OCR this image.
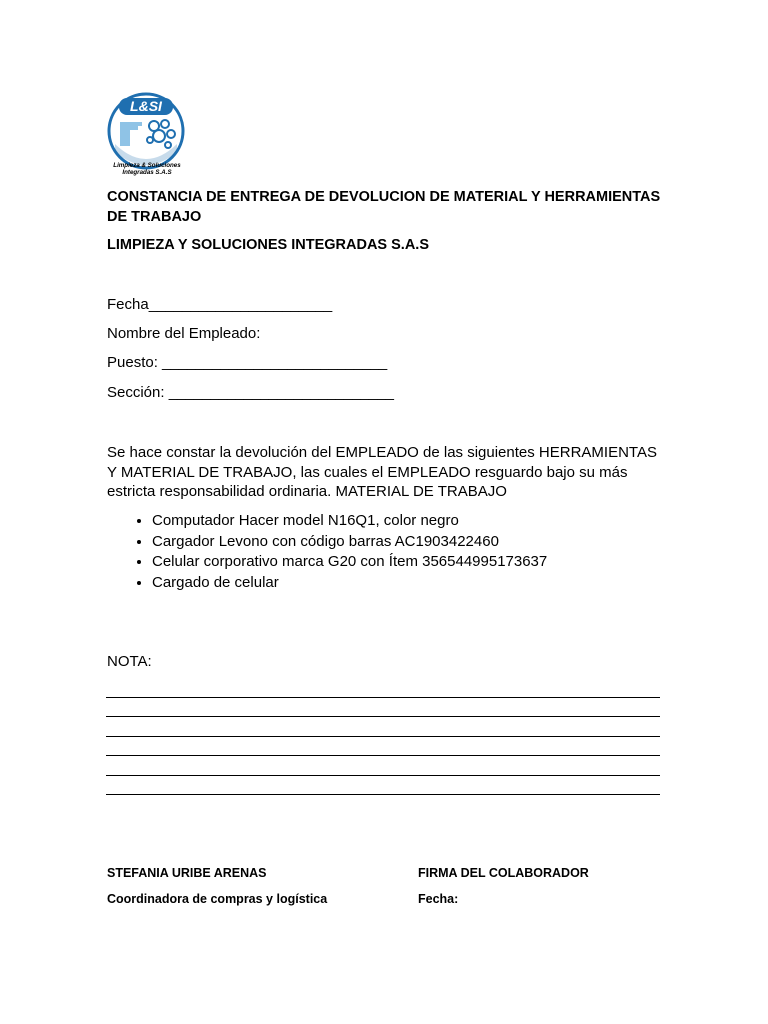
L&SI
Limpieza & Soluciones
Integradas S.A.S
CONSTANCIA DE ENTREGA DE DEVOLUCION DE MATERIAL Y HERRAMIENTAS DE TRABAJO
LIMPIEZA Y SOLUCIONES INTEGRADAS S.A.S
Fecha______________________
Nombre del Empleado:
Puesto: ___________________________
Sección: ___________________________
Se hace constar la devolución del EMPLEADO de las siguientes HERRAMIENTAS Y MATERIAL DE TRABAJO, las cuales el EMPLEADO resguardo bajo su más estricta responsabilidad ordinaria. MATERIAL DE TRABAJO
• Computador Hacer model N16Q1, color negro
• Cargador Levono con código barras AC1903422460
• Celular corporativo marca G20 con Ítem 356544995173637
• Cargado de celular
NOTA:
STEFANIA URIBE ARENAS
Coordinadora de compras y logística
FIRMA DEL COLABORADOR
Fecha:
